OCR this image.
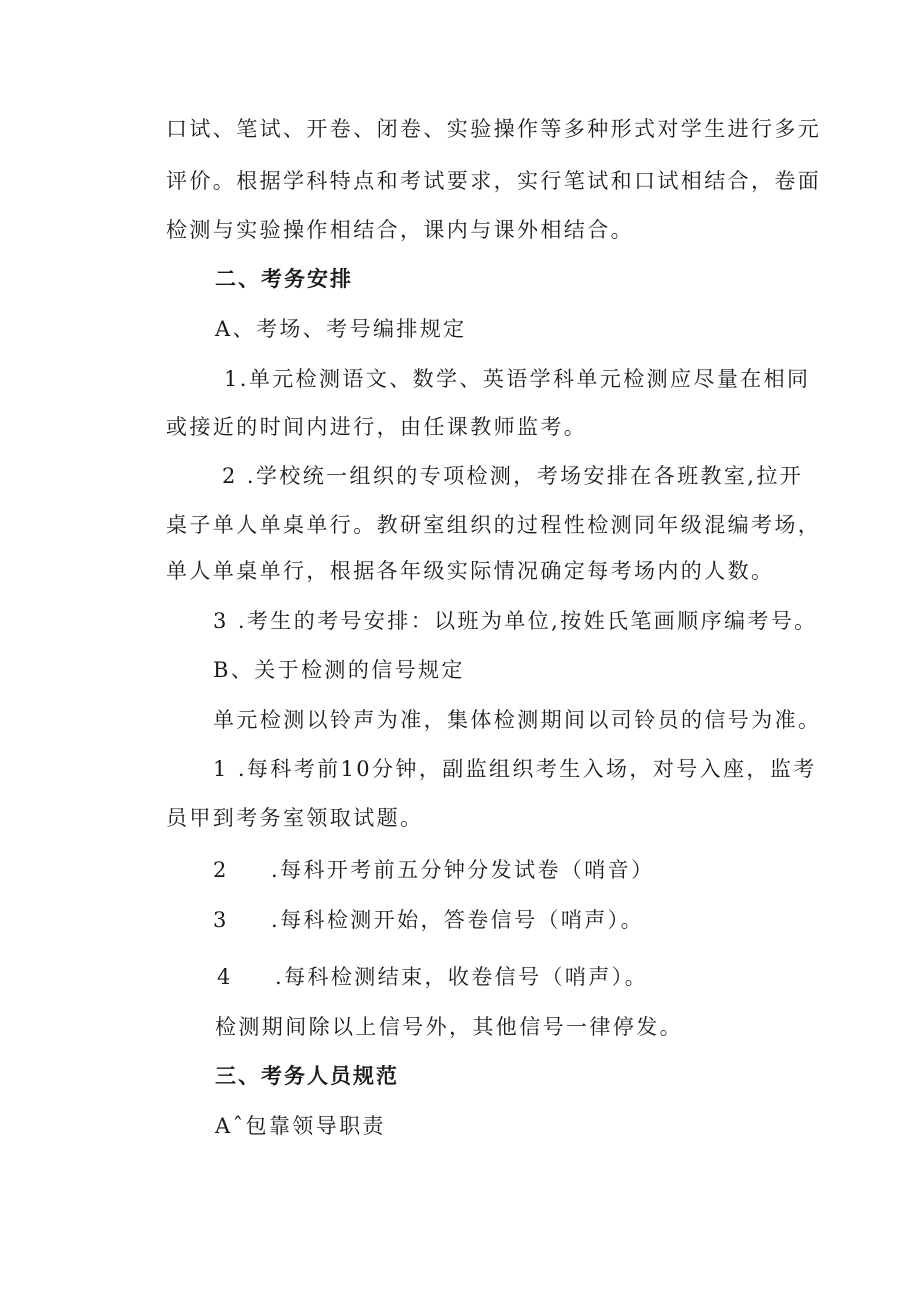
口试、笔试、开卷、闭卷、实验操作等多种形式对学生进行多元
评价。根据学科特点和考试要求，实行笔试和口试相结合，卷面
检测与实验操作相结合，课内与课外相结合。
二、考务安排
A、考场、考号编排规定
1.单元检测语文、数学、英语学科单元检测应尽量在相同
或接近的时间内进行，由任课教师监考。
2 .学校统一组织的专项检测，考场安排在各班教室,拉开
桌子单人单桌单行。教研室组织的过程性检测同年级混编考场，
单人单桌单行，根据各年级实际情况确定每考场内的人数。
3 .考生的考号安排：以班为单位,按姓氏笔画顺序编考号。
B、关于检测的信号规定
单元检测以铃声为准，集体检测期间以司铃员的信号为准。
1 .每科考前10分钟，副监组织考生入场，对号入座，监考
员甲到考务室领取试题。
2 .每科开考前五分钟分发试卷（哨音）
3 .每科检测开始，答卷信号（哨声）。
4 .每科检测结束，收卷信号（哨声）。
检测期间除以上信号外，其他信号一律停发。
三、考务人员规范
Aˆ包靠领导职责
